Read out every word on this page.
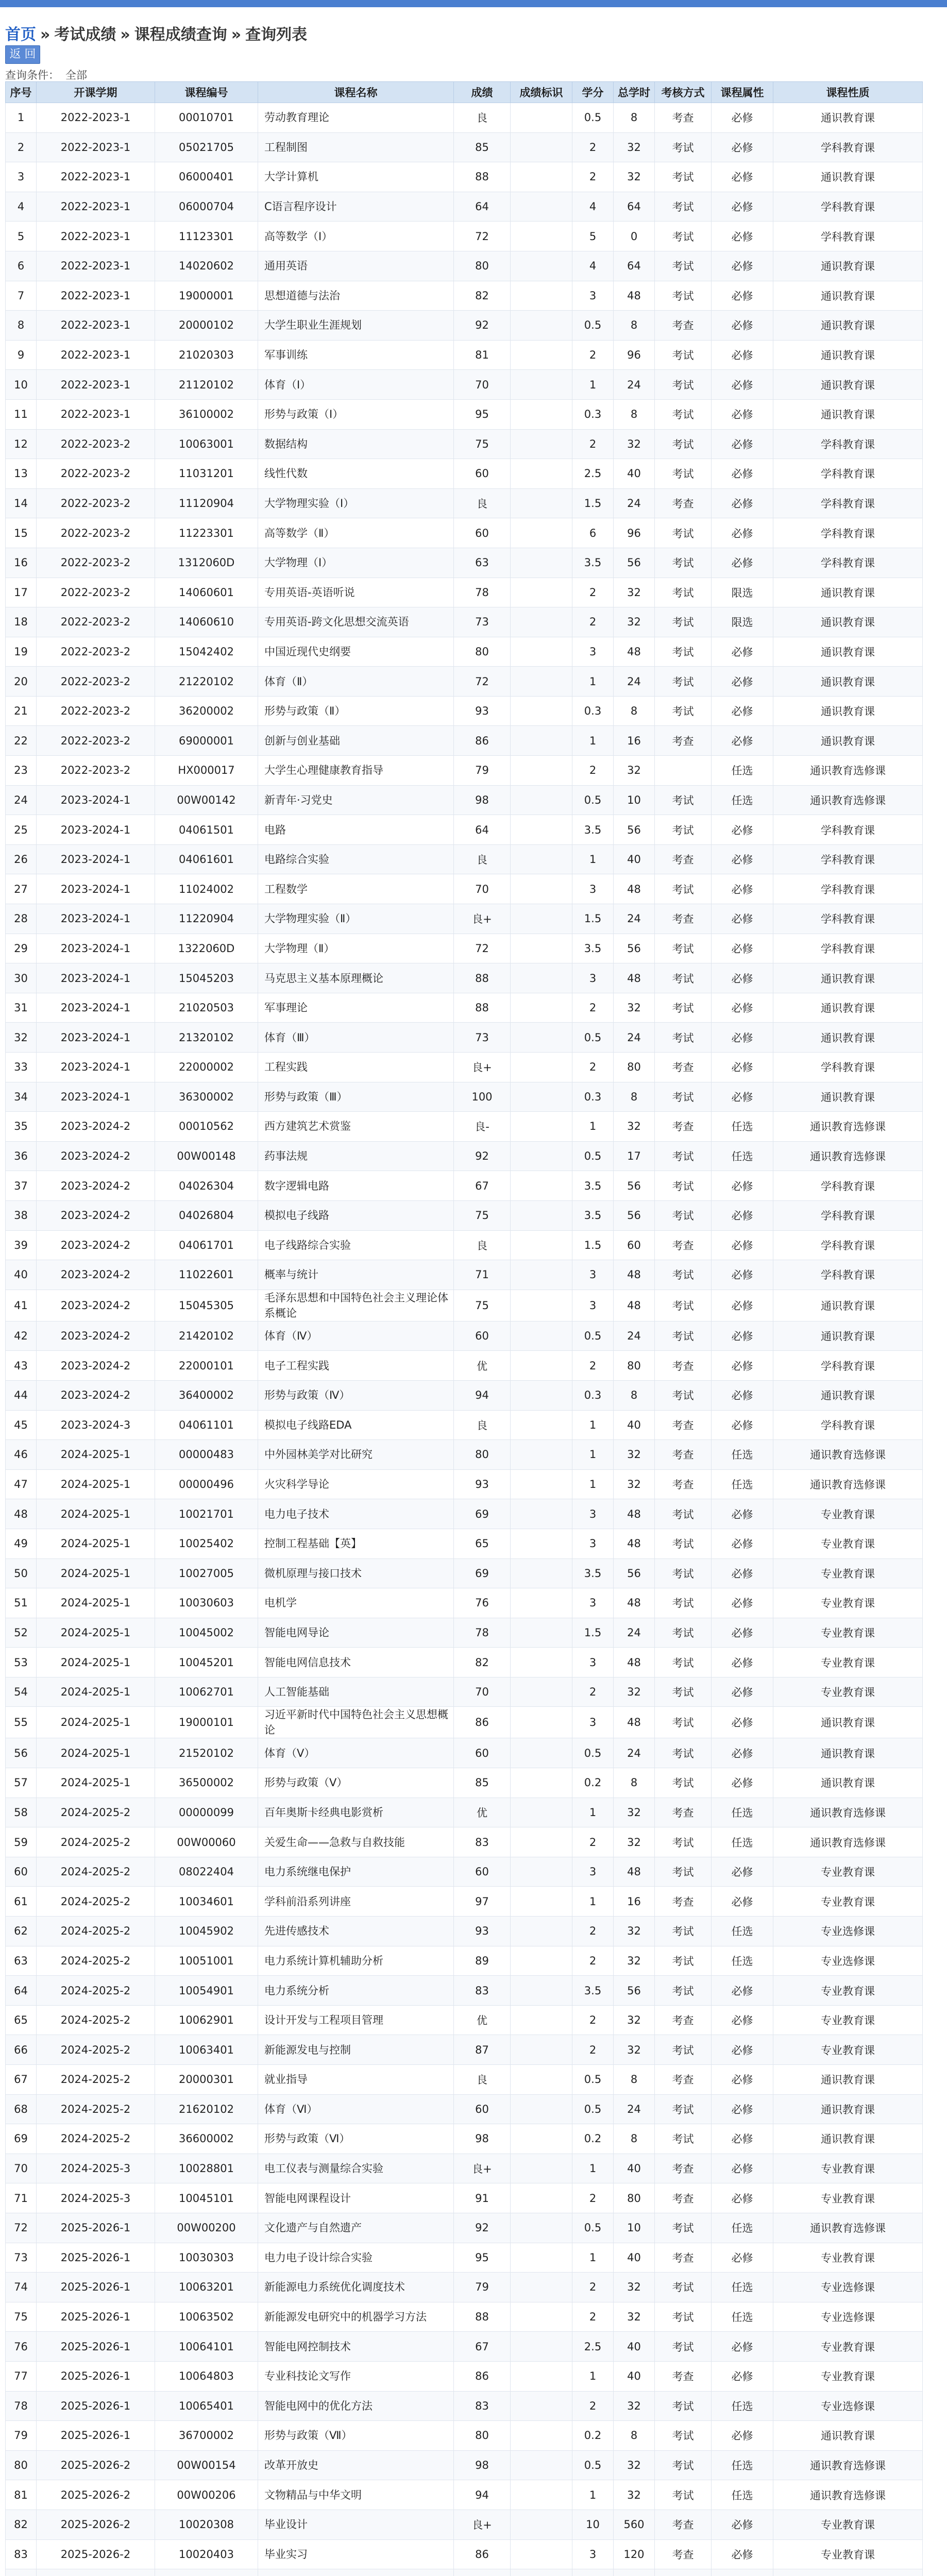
首页 » 考试成绩 » 课程成绩查询 » 查询列表
返 回
查询条件： 全部
序号	开课学期	课程编号	课程名称	成绩	成绩标识	学分	总学时	考核方式	课程属性	课程性质
1	2022-2023-1	00010701	劳动教育理论	良		0.5	8	考查	必修	通识教育课
2	2022-2023-1	05021705	工程制图	85		2	32	考试	必修	学科教育课
3	2022-2023-1	06000401	大学计算机	88		2	32	考试	必修	通识教育课
4	2022-2023-1	06000704	C语言程序设计	64		4	64	考试	必修	学科教育课
5	2022-2023-1	11123301	高等数学（Ⅰ）	72		5	0	考试	必修	学科教育课
6	2022-2023-1	14020602	通用英语	80		4	64	考试	必修	通识教育课
7	2022-2023-1	19000001	思想道德与法治	82		3	48	考试	必修	通识教育课
8	2022-2023-1	20000102	大学生职业生涯规划	92		0.5	8	考查	必修	通识教育课
9	2022-2023-1	21020303	军事训练	81		2	96	考试	必修	通识教育课
10	2022-2023-1	21120102	体育（Ⅰ）	70		1	24	考试	必修	通识教育课
11	2022-2023-1	36100002	形势与政策（Ⅰ）	95		0.3	8	考试	必修	通识教育课
12	2022-2023-2	10063001	数据结构	75		2	32	考试	必修	学科教育课
13	2022-2023-2	11031201	线性代数	60		2.5	40	考试	必修	学科教育课
14	2022-2023-2	11120904	大学物理实验（Ⅰ）	良		1.5	24	考查	必修	学科教育课
15	2022-2023-2	11223301	高等数学（Ⅱ）	60		6	96	考试	必修	学科教育课
16	2022-2023-2	1312060D	大学物理（Ⅰ）	63		3.5	56	考试	必修	学科教育课
17	2022-2023-2	14060601	专用英语-英语听说	78		2	32	考试	限选	通识教育课
18	2022-2023-2	14060610	专用英语-跨文化思想交流英语	73		2	32	考试	限选	通识教育课
19	2022-2023-2	15042402	中国近现代史纲要	80		3	48	考试	必修	通识教育课
20	2022-2023-2	21220102	体育（Ⅱ）	72		1	24	考试	必修	通识教育课
21	2022-2023-2	36200002	形势与政策（Ⅱ）	93		0.3	8	考试	必修	通识教育课
22	2022-2023-2	69000001	创新与创业基础	86		1	16	考查	必修	通识教育课
23	2022-2023-2	HX000017	大学生心理健康教育指导	79		2	32		任选	通识教育选修课
24	2023-2024-1	00W00142	新青年·习党史	98		0.5	10	考试	任选	通识教育选修课
25	2023-2024-1	04061501	电路	64		3.5	56	考试	必修	学科教育课
26	2023-2024-1	04061601	电路综合实验	良		1	40	考查	必修	学科教育课
27	2023-2024-1	11024002	工程数学	70		3	48	考试	必修	学科教育课
28	2023-2024-1	11220904	大学物理实验（Ⅱ）	良+		1.5	24	考查	必修	学科教育课
29	2023-2024-1	1322060D	大学物理（Ⅱ）	72		3.5	56	考试	必修	学科教育课
30	2023-2024-1	15045203	马克思主义基本原理概论	88		3	48	考试	必修	通识教育课
31	2023-2024-1	21020503	军事理论	88		2	32	考试	必修	通识教育课
32	2023-2024-1	21320102	体育（Ⅲ）	73		0.5	24	考试	必修	通识教育课
33	2023-2024-1	22000002	工程实践	良+		2	80	考查	必修	学科教育课
34	2023-2024-1	36300002	形势与政策（Ⅲ）	100		0.3	8	考试	必修	通识教育课
35	2023-2024-2	00010562	西方建筑艺术赏鉴	良-		1	32	考查	任选	通识教育选修课
36	2023-2024-2	00W00148	药事法规	92		0.5	17	考试	任选	通识教育选修课
37	2023-2024-2	04026304	数字逻辑电路	67		3.5	56	考试	必修	学科教育课
38	2023-2024-2	04026804	模拟电子线路	75		3.5	56	考试	必修	学科教育课
39	2023-2024-2	04061701	电子线路综合实验	良		1.5	60	考查	必修	学科教育课
40	2023-2024-2	11022601	概率与统计	71		3	48	考试	必修	学科教育课
41	2023-2024-2	15045305	毛泽东思想和中国特色社会主义理论体系概论	75		3	48	考试	必修	通识教育课
42	2023-2024-2	21420102	体育（Ⅳ）	60		0.5	24	考试	必修	通识教育课
43	2023-2024-2	22000101	电子工程实践	优		2	80	考查	必修	学科教育课
44	2023-2024-2	36400002	形势与政策（Ⅳ）	94		0.3	8	考试	必修	通识教育课
45	2023-2024-3	04061101	模拟电子线路EDA	良		1	40	考查	必修	学科教育课
46	2024-2025-1	00000483	中外园林美学对比研究	80		1	32	考查	任选	通识教育选修课
47	2024-2025-1	00000496	火灾科学导论	93		1	32	考查	任选	通识教育选修课
48	2024-2025-1	10021701	电力电子技术	69		3	48	考试	必修	专业教育课
49	2024-2025-1	10025402	控制工程基础【英】	65		3	48	考试	必修	专业教育课
50	2024-2025-1	10027005	微机原理与接口技术	69		3.5	56	考试	必修	专业教育课
51	2024-2025-1	10030603	电机学	76		3	48	考试	必修	专业教育课
52	2024-2025-1	10045002	智能电网导论	78		1.5	24	考试	必修	专业教育课
53	2024-2025-1	10045201	智能电网信息技术	82		3	48	考试	必修	专业教育课
54	2024-2025-1	10062701	人工智能基础	70		2	32	考试	必修	专业教育课
55	2024-2025-1	19000101	习近平新时代中国特色社会主义思想概论	86		3	48	考试	必修	通识教育课
56	2024-2025-1	21520102	体育（Ⅴ）	60		0.5	24	考试	必修	通识教育课
57	2024-2025-1	36500002	形势与政策（Ⅴ）	85		0.2	8	考试	必修	通识教育课
58	2024-2025-2	00000099	百年奥斯卡经典电影赏析	优		1	32	考查	任选	通识教育选修课
59	2024-2025-2	00W00060	关爱生命——急救与自救技能	83		2	32	考试	任选	通识教育选修课
60	2024-2025-2	08022404	电力系统继电保护	60		3	48	考试	必修	专业教育课
61	2024-2025-2	10034601	学科前沿系列讲座	97		1	16	考查	必修	专业教育课
62	2024-2025-2	10045902	先进传感技术	93		2	32	考试	任选	专业选修课
63	2024-2025-2	10051001	电力系统计算机辅助分析	89		2	32	考试	任选	专业选修课
64	2024-2025-2	10054901	电力系统分析	83		3.5	56	考试	必修	专业教育课
65	2024-2025-2	10062901	设计开发与工程项目管理	优		2	32	考查	必修	专业教育课
66	2024-2025-2	10063401	新能源发电与控制	87		2	32	考试	必修	专业教育课
67	2024-2025-2	20000301	就业指导	良		0.5	8	考查	必修	通识教育课
68	2024-2025-2	21620102	体育（Ⅵ）	60		0.5	24	考试	必修	通识教育课
69	2024-2025-2	36600002	形势与政策（Ⅵ）	98		0.2	8	考试	必修	通识教育课
70	2024-2025-3	10028801	电工仪表与测量综合实验	良+		1	40	考查	必修	专业教育课
71	2024-2025-3	10045101	智能电网课程设计	91		2	80	考查	必修	专业教育课
72	2025-2026-1	00W00200	文化遗产与自然遗产	92		0.5	10	考试	任选	通识教育选修课
73	2025-2026-1	10030303	电力电子设计综合实验	95		1	40	考查	必修	专业教育课
74	2025-2026-1	10063201	新能源电力系统优化调度技术	79		2	32	考试	任选	专业选修课
75	2025-2026-1	10063502	新能源发电研究中的机器学习方法	88		2	32	考试	任选	专业选修课
76	2025-2026-1	10064101	智能电网控制技术	67		2.5	40	考试	必修	专业教育课
77	2025-2026-1	10064803	专业科技论文写作	86		1	40	考查	必修	专业教育课
78	2025-2026-1	10065401	智能电网中的优化方法	83		2	32	考试	任选	专业选修课
79	2025-2026-1	36700002	形势与政策（Ⅶ）	80		0.2	8	考试	必修	通识教育课
80	2025-2026-2	00W00154	改革开放史	98		0.5	32	考试	任选	通识教育选修课
81	2025-2026-2	00W00206	文物精品与中华文明	94		1	32	考试	任选	通识教育选修课
82	2025-2026-2	10020308	毕业设计	良+		10	560	考查	必修	专业教育课
83	2025-2026-2	10020403	毕业实习	86		3	120	考查	必修	专业教育课
